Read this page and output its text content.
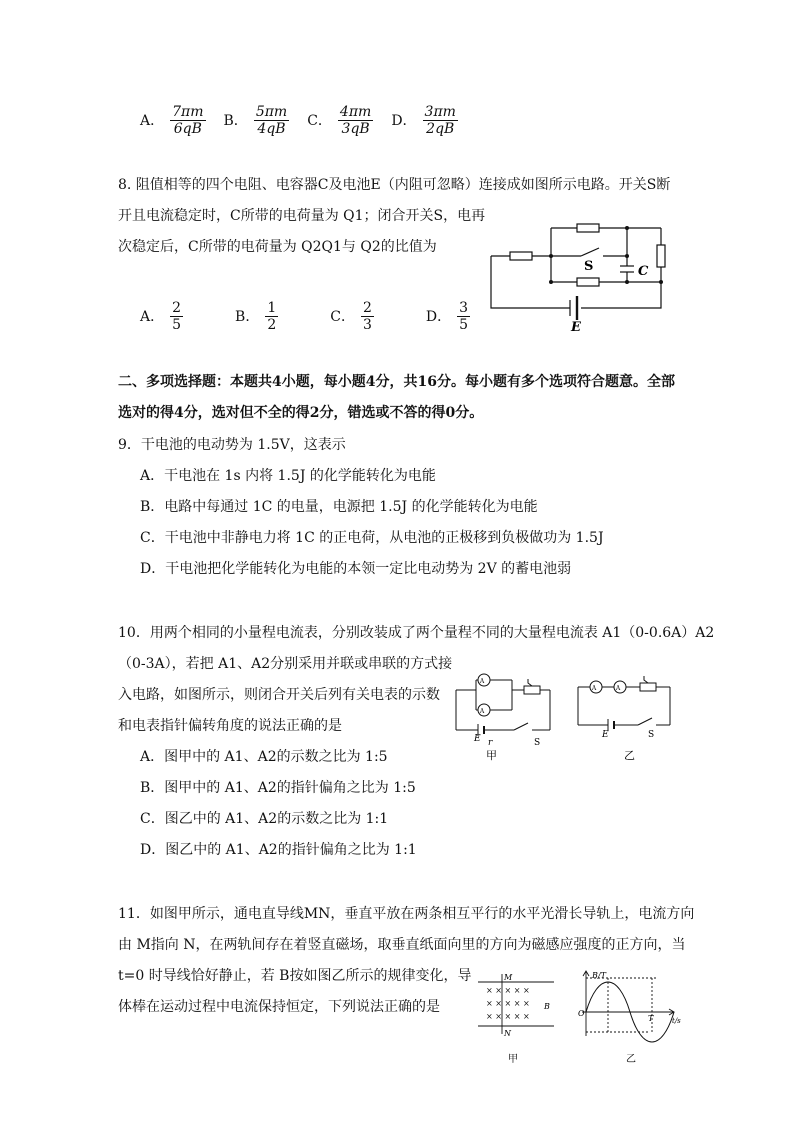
A． $\frac{7\pi m}{6qB}$ B． $\frac{5\pi m}{4qB}$ C． $\frac{4\pi m}{3qB}$ D． $\frac{3\pi m}{2qB}$
8. 阻值相等的四个电阻、电容器C及电池E（内阻可忽略）连接成如图所示电路。开关S断
开且电流稳定时，C所带的电荷量为 Q1；闭合开关S，电再
次稳定后，C所带的电荷量为 Q2Q1与 Q2的比值为
S	C
E
A． $\frac{2}{5}$	B． $\frac{1}{2}$	C． $\frac{2}{3}$	D． $\frac{3}{5}$
二、多项选择题：本题共4小题，每小题4分，共16分。每小题有多个选项符合题意。全部
选对的得4分，选对但不全的得2分，错选或不答的得0分。
9．干电池的电动势为 1.5V，这表示
A．干电池在 1s 内将 1.5J 的化学能转化为电能
B．电路中每通过 1C 的电量，电源把 1.5J 的化学能转化为电能
C．干电池中非静电力将 1C 的正电荷，从电池的正极移到负极做功为 1.5J
D．干电池把化学能转化为电能的本领一定比电动势为 2V 的蓄电池弱
10．用两个相同的小量程电流表，分别改装成了两个量程不同的大量程电流表 A1（0-0.6A）A2
（0-3A），若把 A1、A2分别采用并联或串联的方式接
入电路，如图所示，则闭合开关后列有关电表的示数
和电表指针偏转角度的说法正确的是
A．图甲中的 A1、A2的示数之比为 1:5
B．图甲中的 A1、A2的指针偏角之比为 1:5
C．图乙中的 A1、A2的示数之比为 1:1
D．图乙中的 A1、A2的指针偏角之比为 1:1
A
A
E r	S
甲
A	A
E	S
乙
11．如图甲所示，通电直导线MN，垂直平放在两条相互平行的水平光滑长导轨上，电流方向
由 M指向 N，在两轨间存在着竖直磁场，取垂直纸面向里的方向为磁感应强度的正方向，当
t=0 时导线恰好静止，若 B按如图乙所示的规律变化，导
体棒在运动过程中电流保持恒定，下列说法正确的是
× × × × ×
× × × × ×
× × × × ×
M
N
B
甲
B/T
O
T	t/s
乙
